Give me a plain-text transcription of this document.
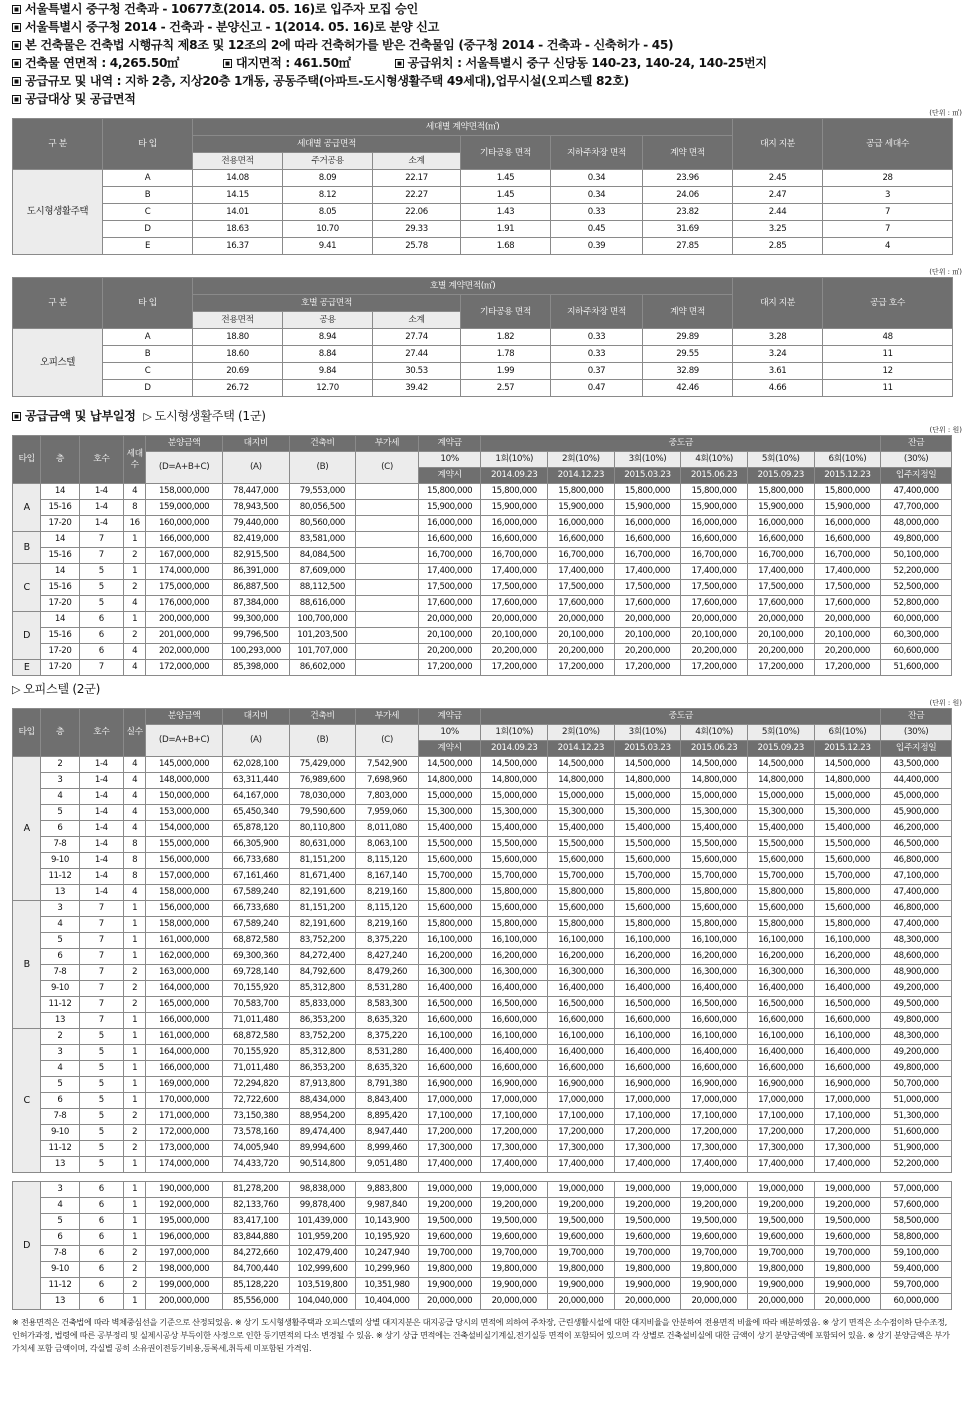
서울특별시 중구청 건축과 - 10677호(2014. 05. 16)로 입주자 모집 승인
서울특별시 중구청 2014 - 건축과 - 분양신고 - 1(2014. 05. 16)로 분양 신고
본 건축물은 건축법 시행규칙 제8조 및 12조의 2에 따라 건축허가를 받은 건축물임 (중구청 2014 - 건축과 - 신축허가 - 45)
건축물 연면적 : 4,265.50㎡	대지면적 : 461.50㎡	공급위치 : 서울특별시 중구 신당동 140-23, 140-24, 140-25번지
공급규모 및 내역 : 지하 2층, 지상20층 1개동, 공동주택(아파트-도시형생활주택 49세대),업무시설(오피스텔 82호)
공급대상 및 공급면적
(단위 : ㎡)
구 분	타 입	세대별 계약면적(㎡)						대지 지분	공급 세대수
		세대별 공급면적			기타공용 면적	지하주차장 면적	계약 면적		
		전용면적	주거공용	소계					
도시형생활주택	A	14.08	8.09	22.17	1.45	0.34	23.96	2.45	28
	B	14.15	8.12	22.27	1.45	0.34	24.06	2.47	3
	C	14.01	8.05	22.06	1.43	0.33	23.82	2.44	7
	D	18.63	10.70	29.33	1.91	0.45	31.69	3.25	7
	E	16.37	9.41	25.78	1.68	0.39	27.85	2.85	4
(단위 : ㎡)
구 분	타 입	호별 계약면적(㎡)						대지 지분	공급 호수
		호별 공급면적			기타공용 면적	지하주차장 면적	계약 면적		
		전용면적	공용	소계					
오피스텔	A	18.80	8.94	27.74	1.82	0.33	29.89	3.28	48
	B	18.60	8.84	27.44	1.78	0.33	29.55	3.24	11
	C	20.69	9.84	30.53	1.99	0.37	32.89	3.61	12
	D	26.72	12.70	39.42	2.57	0.47	42.46	4.66	11
공급금액 및 납부일정 ▷ 도시형생활주택 (1군)
(단위 : 원)
타입	층	호수	세대수	분양금액	대지비	건축비	부가세	계약금	중도금						잔금
				(D=A+B+C)	(A)	(B)	(C)	10%	1회(10%)	2회(10%)	3회(10%)	4회(10%)	5회(10%)	6회(10%)	(30%)
								계약시	2014.09.23	2014.12.23	2015.03.23	2015.06.23	2015.09.23	2015.12.23	입주지정일
A	14	1-4	4	158,000,000	78,447,000	79,553,000		15,800,000	15,800,000	15,800,000	15,800,000	15,800,000	15,800,000	15,800,000	47,400,000
	15-16	1-4	8	159,000,000	78,943,500	80,056,500		15,900,000	15,900,000	15,900,000	15,900,000	15,900,000	15,900,000	15,900,000	47,700,000
	17-20	1-4	16	160,000,000	79,440,000	80,560,000		16,000,000	16,000,000	16,000,000	16,000,000	16,000,000	16,000,000	16,000,000	48,000,000
B	14	7	1	166,000,000	82,419,000	83,581,000		16,600,000	16,600,000	16,600,000	16,600,000	16,600,000	16,600,000	16,600,000	49,800,000
	15-16	7	2	167,000,000	82,915,500	84,084,500		16,700,000	16,700,000	16,700,000	16,700,000	16,700,000	16,700,000	16,700,000	50,100,000
C	14	5	1	174,000,000	86,391,000	87,609,000		17,400,000	17,400,000	17,400,000	17,400,000	17,400,000	17,400,000	17,400,000	52,200,000
	15-16	5	2	175,000,000	86,887,500	88,112,500		17,500,000	17,500,000	17,500,000	17,500,000	17,500,000	17,500,000	17,500,000	52,500,000
	17-20	5	4	176,000,000	87,384,000	88,616,000		17,600,000	17,600,000	17,600,000	17,600,000	17,600,000	17,600,000	17,600,000	52,800,000
D	14	6	1	200,000,000	99,300,000	100,700,000		20,000,000	20,000,000	20,000,000	20,000,000	20,000,000	20,000,000	20,000,000	60,000,000
	15-16	6	2	201,000,000	99,796,500	101,203,500		20,100,000	20,100,000	20,100,000	20,100,000	20,100,000	20,100,000	20,100,000	60,300,000
	17-20	6	4	202,000,000	100,293,000	101,707,000		20,200,000	20,200,000	20,200,000	20,200,000	20,200,000	20,200,000	20,200,000	60,600,000
E	17-20	7	4	172,000,000	85,398,000	86,602,000		17,200,000	17,200,000	17,200,000	17,200,000	17,200,000	17,200,000	17,200,000	51,600,000
▷ 오피스텔 (2군)
(단위 : 원)
타입	층	호수	실수	분양금액	대지비	건축비	부가세	계약금	중도금						잔금
				(D=A+B+C)	(A)	(B)	(C)	10%	1회(10%)	2회(10%)	3회(10%)	4회(10%)	5회(10%)	6회(10%)	(30%)
								계약시	2014.09.23	2014.12.23	2015.03.23	2015.06.23	2015.09.23	2015.12.23	입주지정일
A	2	1-4	4	145,000,000	62,028,100	75,429,000	7,542,900	14,500,000	14,500,000	14,500,000	14,500,000	14,500,000	14,500,000	14,500,000	43,500,000
	3	1-4	4	148,000,000	63,311,440	76,989,600	7,698,960	14,800,000	14,800,000	14,800,000	14,800,000	14,800,000	14,800,000	14,800,000	44,400,000
	4	1-4	4	150,000,000	64,167,000	78,030,000	7,803,000	15,000,000	15,000,000	15,000,000	15,000,000	15,000,000	15,000,000	15,000,000	45,000,000
	5	1-4	4	153,000,000	65,450,340	79,590,600	7,959,060	15,300,000	15,300,000	15,300,000	15,300,000	15,300,000	15,300,000	15,300,000	45,900,000
	6	1-4	4	154,000,000	65,878,120	80,110,800	8,011,080	15,400,000	15,400,000	15,400,000	15,400,000	15,400,000	15,400,000	15,400,000	46,200,000
	7-8	1-4	8	155,000,000	66,305,900	80,631,000	8,063,100	15,500,000	15,500,000	15,500,000	15,500,000	15,500,000	15,500,000	15,500,000	46,500,000
	9-10	1-4	8	156,000,000	66,733,680	81,151,200	8,115,120	15,600,000	15,600,000	15,600,000	15,600,000	15,600,000	15,600,000	15,600,000	46,800,000
	11-12	1-4	8	157,000,000	67,161,460	81,671,400	8,167,140	15,700,000	15,700,000	15,700,000	15,700,000	15,700,000	15,700,000	15,700,000	47,100,000
	13	1-4	4	158,000,000	67,589,240	82,191,600	8,219,160	15,800,000	15,800,000	15,800,000	15,800,000	15,800,000	15,800,000	15,800,000	47,400,000
B	3	7	1	156,000,000	66,733,680	81,151,200	8,115,120	15,600,000	15,600,000	15,600,000	15,600,000	15,600,000	15,600,000	15,600,000	46,800,000
	4	7	1	158,000,000	67,589,240	82,191,600	8,219,160	15,800,000	15,800,000	15,800,000	15,800,000	15,800,000	15,800,000	15,800,000	47,400,000
	5	7	1	161,000,000	68,872,580	83,752,200	8,375,220	16,100,000	16,100,000	16,100,000	16,100,000	16,100,000	16,100,000	16,100,000	48,300,000
	6	7	1	162,000,000	69,300,360	84,272,400	8,427,240	16,200,000	16,200,000	16,200,000	16,200,000	16,200,000	16,200,000	16,200,000	48,600,000
	7-8	7	2	163,000,000	69,728,140	84,792,600	8,479,260	16,300,000	16,300,000	16,300,000	16,300,000	16,300,000	16,300,000	16,300,000	48,900,000
	9-10	7	2	164,000,000	70,155,920	85,312,800	8,531,280	16,400,000	16,400,000	16,400,000	16,400,000	16,400,000	16,400,000	16,400,000	49,200,000
	11-12	7	2	165,000,000	70,583,700	85,833,000	8,583,300	16,500,000	16,500,000	16,500,000	16,500,000	16,500,000	16,500,000	16,500,000	49,500,000
	13	7	1	166,000,000	71,011,480	86,353,200	8,635,320	16,600,000	16,600,000	16,600,000	16,600,000	16,600,000	16,600,000	16,600,000	49,800,000
C	2	5	1	161,000,000	68,872,580	83,752,200	8,375,220	16,100,000	16,100,000	16,100,000	16,100,000	16,100,000	16,100,000	16,100,000	48,300,000
	3	5	1	164,000,000	70,155,920	85,312,800	8,531,280	16,400,000	16,400,000	16,400,000	16,400,000	16,400,000	16,400,000	16,400,000	49,200,000
	4	5	1	166,000,000	71,011,480	86,353,200	8,635,320	16,600,000	16,600,000	16,600,000	16,600,000	16,600,000	16,600,000	16,600,000	49,800,000
	5	5	1	169,000,000	72,294,820	87,913,800	8,791,380	16,900,000	16,900,000	16,900,000	16,900,000	16,900,000	16,900,000	16,900,000	50,700,000
	6	5	1	170,000,000	72,722,600	88,434,000	8,843,400	17,000,000	17,000,000	17,000,000	17,000,000	17,000,000	17,000,000	17,000,000	51,000,000
	7-8	5	2	171,000,000	73,150,380	88,954,200	8,895,420	17,100,000	17,100,000	17,100,000	17,100,000	17,100,000	17,100,000	17,100,000	51,300,000
	9-10	5	2	172,000,000	73,578,160	89,474,400	8,947,440	17,200,000	17,200,000	17,200,000	17,200,000	17,200,000	17,200,000	17,200,000	51,600,000
	11-12	5	2	173,000,000	74,005,940	89,994,600	8,999,460	17,300,000	17,300,000	17,300,000	17,300,000	17,300,000	17,300,000	17,300,000	51,900,000
	13	5	1	174,000,000	74,433,720	90,514,800	9,051,480	17,400,000	17,400,000	17,400,000	17,400,000	17,400,000	17,400,000	17,400,000	52,200,000

D	3	6	1	190,000,000	81,278,200	98,838,000	9,883,800	19,000,000	19,000,000	19,000,000	19,000,000	19,000,000	19,000,000	19,000,000	57,000,000
	4	6	1	192,000,000	82,133,760	99,878,400	9,987,840	19,200,000	19,200,000	19,200,000	19,200,000	19,200,000	19,200,000	19,200,000	57,600,000
	5	6	1	195,000,000	83,417,100	101,439,000	10,143,900	19,500,000	19,500,000	19,500,000	19,500,000	19,500,000	19,500,000	19,500,000	58,500,000
	6	6	1	196,000,000	83,844,880	101,959,200	10,195,920	19,600,000	19,600,000	19,600,000	19,600,000	19,600,000	19,600,000	19,600,000	58,800,000
	7-8	6	2	197,000,000	84,272,660	102,479,400	10,247,940	19,700,000	19,700,000	19,700,000	19,700,000	19,700,000	19,700,000	19,700,000	59,100,000
	9-10	6	2	198,000,000	84,700,440	102,999,600	10,299,960	19,800,000	19,800,000	19,800,000	19,800,000	19,800,000	19,800,000	19,800,000	59,400,000
	11-12	6	2	199,000,000	85,128,220	103,519,800	10,351,980	19,900,000	19,900,000	19,900,000	19,900,000	19,900,000	19,900,000	19,900,000	59,700,000
	13	6	1	200,000,000	85,556,000	104,040,000	10,404,000	20,000,000	20,000,000	20,000,000	20,000,000	20,000,000	20,000,000	20,000,000	60,000,000
※ 전용면적은 건축법에 따라 벽체중심선을 기준으로 산정되었음. ※ 상기 도시형생활주택과 오피스텔의 상별 대지지분은 대지공급 당시의 면적에 의하여 주차장, 근린생활시설에 대한 대지비율을 안분하여 전용면적 비율에 따라 배분하였음. ※ 상기 면적은 소수점이하 단수조정, 인허가과정, 법령에 따른 공부정리 및 실제시공상 부득이한 사정으로 인한 등기면적의 다소 변경될 수 있음. ※ 상기 상급 면적에는 건축설비실기계실,전기실등 면적이 포함되어 있으며 각 상별로 건축설비실에 대한 금액이 상기 분양금액에 포함되어 있음. ※ 상기 분양금액은 부가가치세 포함 금액이며, 각실별 공히 소유권이전등기비용,등록세,취득세 미포함된 가격임.
